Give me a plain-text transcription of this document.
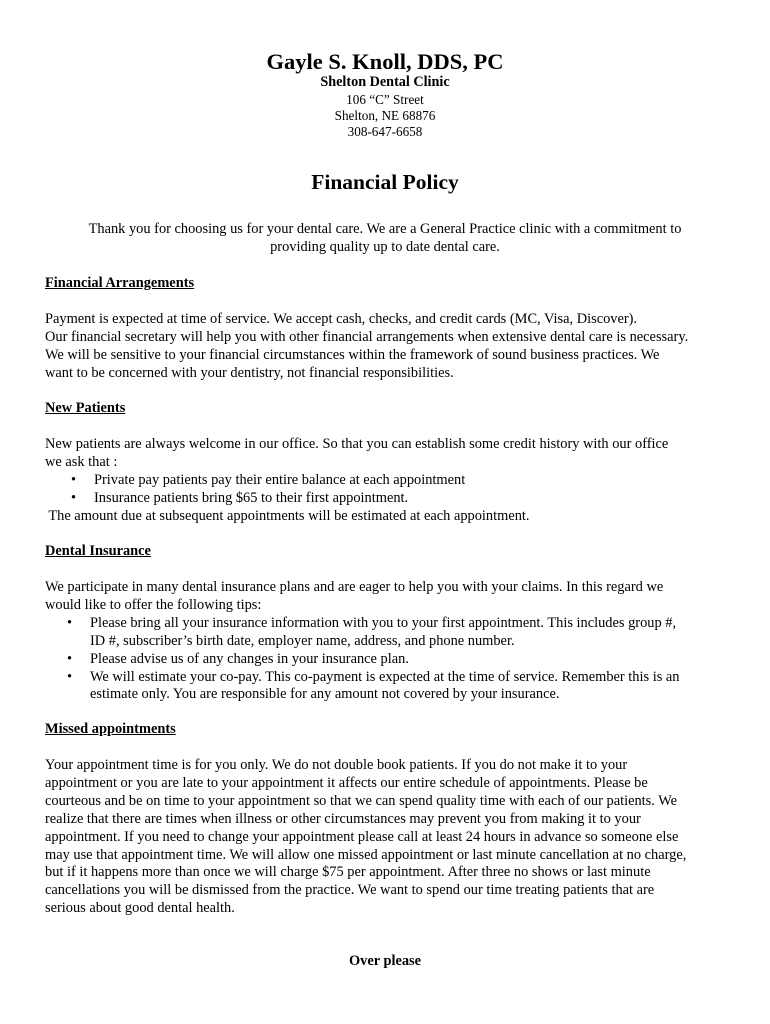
Gayle S. Knoll, DDS, PC
Shelton Dental Clinic
106 “C” Street
Shelton, NE 68876
308-647-6658
Financial Policy
Thank you for choosing us for your dental care. We are a General Practice clinic with a commitment to
providing quality up to date dental care.
Financial Arrangements
Payment is expected at time of service. We accept cash, checks, and credit cards (MC, Visa, Discover).
Our financial secretary will help you with other financial arrangements when extensive dental care is necessary.
We will be sensitive to your financial circumstances within the framework of sound business practices. We
want to be concerned with your dentistry, not financial responsibilities.
New Patients
New patients are always welcome in our office. So that you can establish some credit history with our office
we ask that :
• Private pay patients pay their entire balance at each appointment
• Insurance patients bring $65 to their first appointment.
The amount due at subsequent appointments will be estimated at each appointment.
Dental Insurance
We participate in many dental insurance plans and are eager to help you with your claims. In this regard we
would like to offer the following tips:
• Please bring all your insurance information with you to your first appointment. This includes group #,
ID #, subscriber’s birth date, employer name, address, and phone number.
• Please advise us of any changes in your insurance plan.
• We will estimate your co-pay. This co-payment is expected at the time of service. Remember this is an
estimate only. You are responsible for any amount not covered by your insurance.
Missed appointments
Your appointment time is for you only. We do not double book patients. If you do not make it to your
appointment or you are late to your appointment it affects our entire schedule of appointments. Please be
courteous and be on time to your appointment so that we can spend quality time with each of our patients. We
realize that there are times when illness or other circumstances may prevent you from making it to your
appointment. If you need to change your appointment please call at least 24 hours in advance so someone else
may use that appointment time. We will allow one missed appointment or last minute cancellation at no charge,
but if it happens more than once we will charge $75 per appointment. After three no shows or last minute
cancellations you will be dismissed from the practice. We want to spend our time treating patients that are
serious about good dental health.
Over please
